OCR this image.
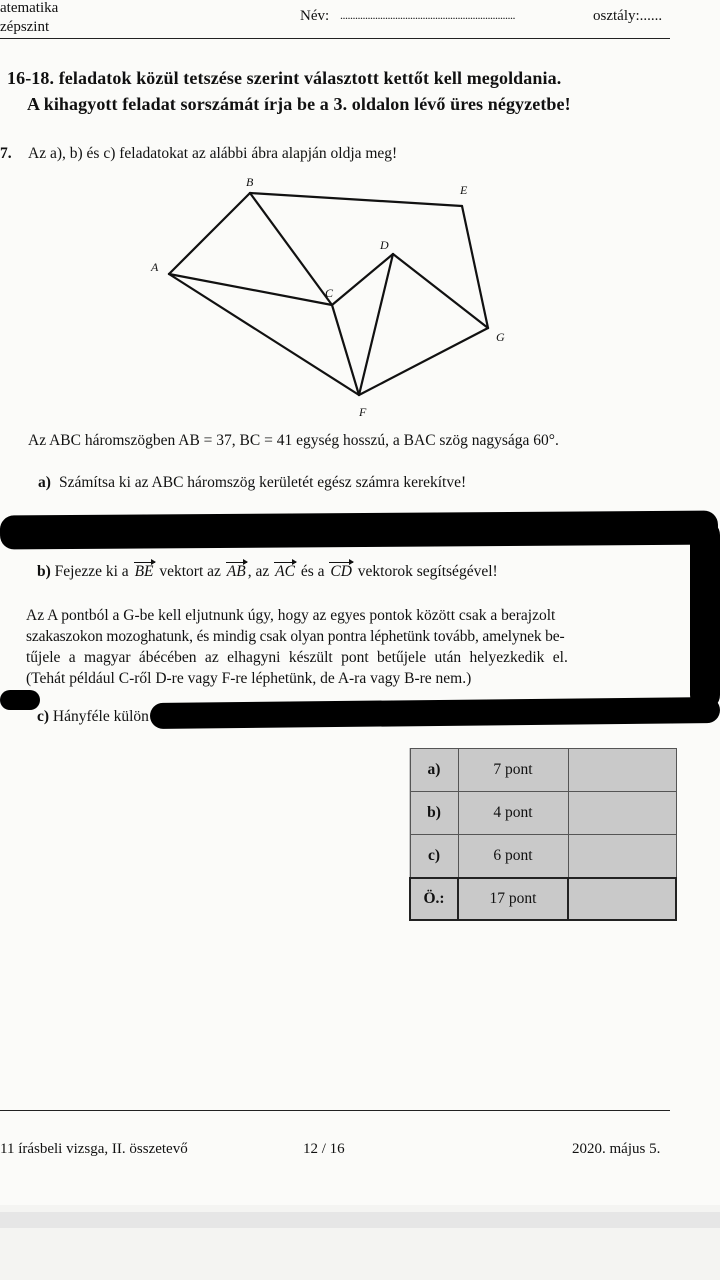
atematika
zépszint
Név: ......................................................................	osztály:......
16-18. feladatok közül tetszése szerint választott kettőt kell megoldania.
A kihagyott feladat sorszámát írja be a 3. oldalon lévő üres négyzetbe!
7. Az a), b) és c) feladatokat az alábbi ábra alapján oldja meg!
B
E
D
A
C
G
F
Az ABC háromszögben AB = 37, BC = 41 egység hosszú, a BAC szög nagysága 60°.
a) Számítsa ki az ABC háromszög kerületét egész számra kerekítve!
b) Fejezze ki a BE vektort az AB , az AC és a CD vektorok segítségével!
Az A pontból a G-be kell eljutnunk úgy, hogy az egyes pontok között csak a berajzolt
szakaszokon mozoghatunk, és mindig csak olyan pontra léphetünk tovább, amelynek be-
tűjele a magyar ábécében az elhagyni készült pont betűjele után helyezkedik el.
(Tehát például C-ről D-re vagy F-re léphetünk, de A-ra vagy B-re nem.)
c) Hányféle külön
a)	7 pont	
b)	4 pont	
c)	6 pont	
Ö.:	17 pont	
11 írásbeli vizsga, II. összetevő	12 / 16	2020. május 5.
